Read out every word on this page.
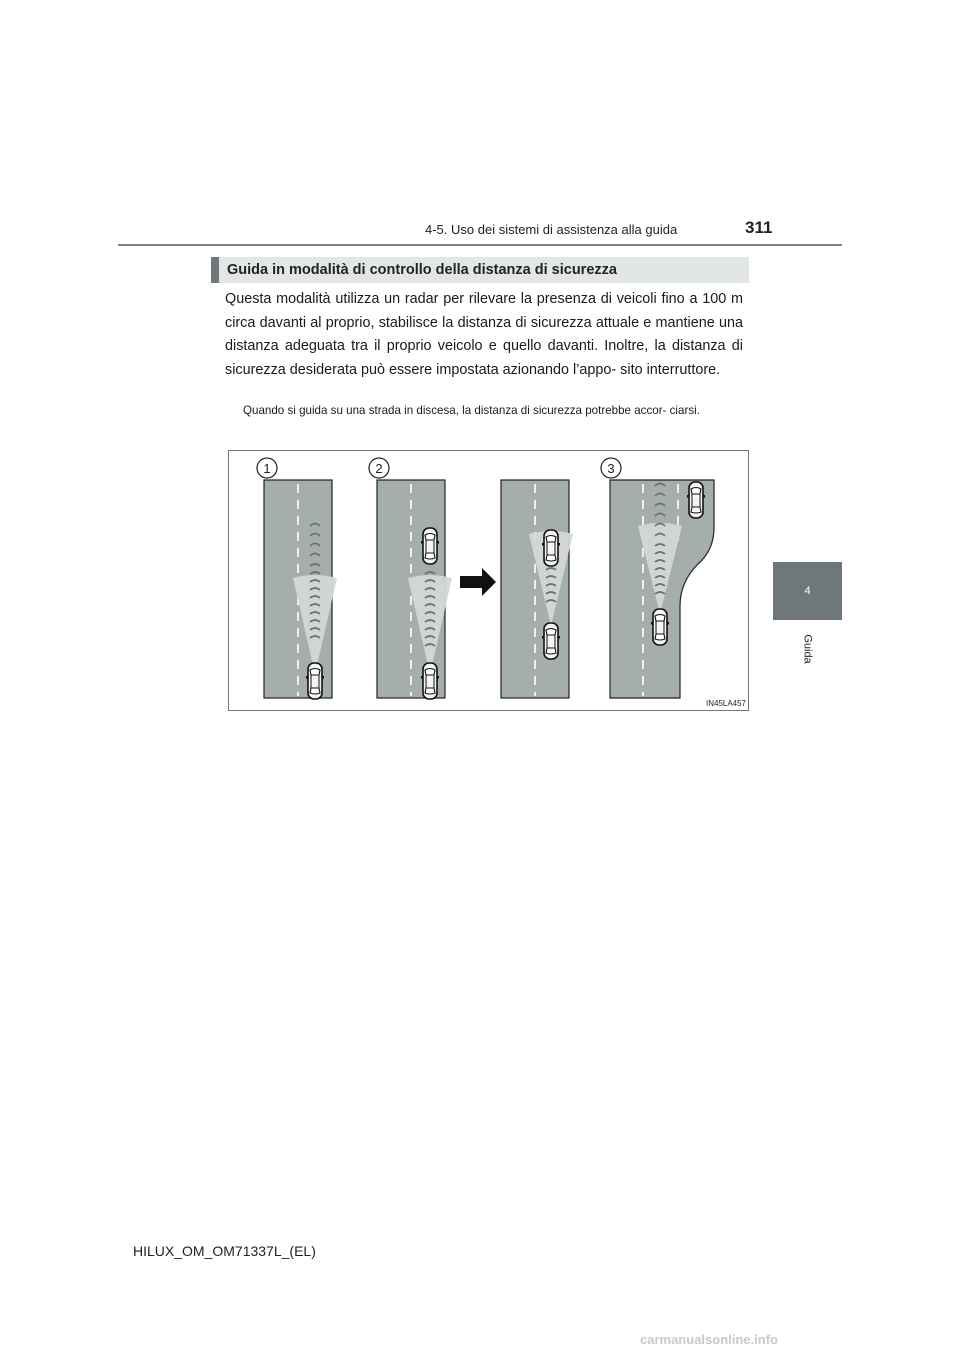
4-5. Uso dei sistemi di assistenza alla guida	311
4
Guida
Guida in modalità di controllo della distanza di sicurezza

Questa modalità utilizza un radar per rilevare la presenza di veicoli fino a 100 m circa davanti al proprio, stabilisce la distanza di sicurezza attuale e mantiene una distanza adeguata tra il proprio veicolo e quello davanti. Inoltre, la distanza di sicurezza desiderata può essere impostata azionando l’appo- sito interruttore.

Quando si guida su una strada in discesa, la distanza di sicurezza potrebbe accor- ciarsi.

1	2	3
IN45LA457
HILUX_OM_OM71337L_(EL)
carmanualsonline.info
